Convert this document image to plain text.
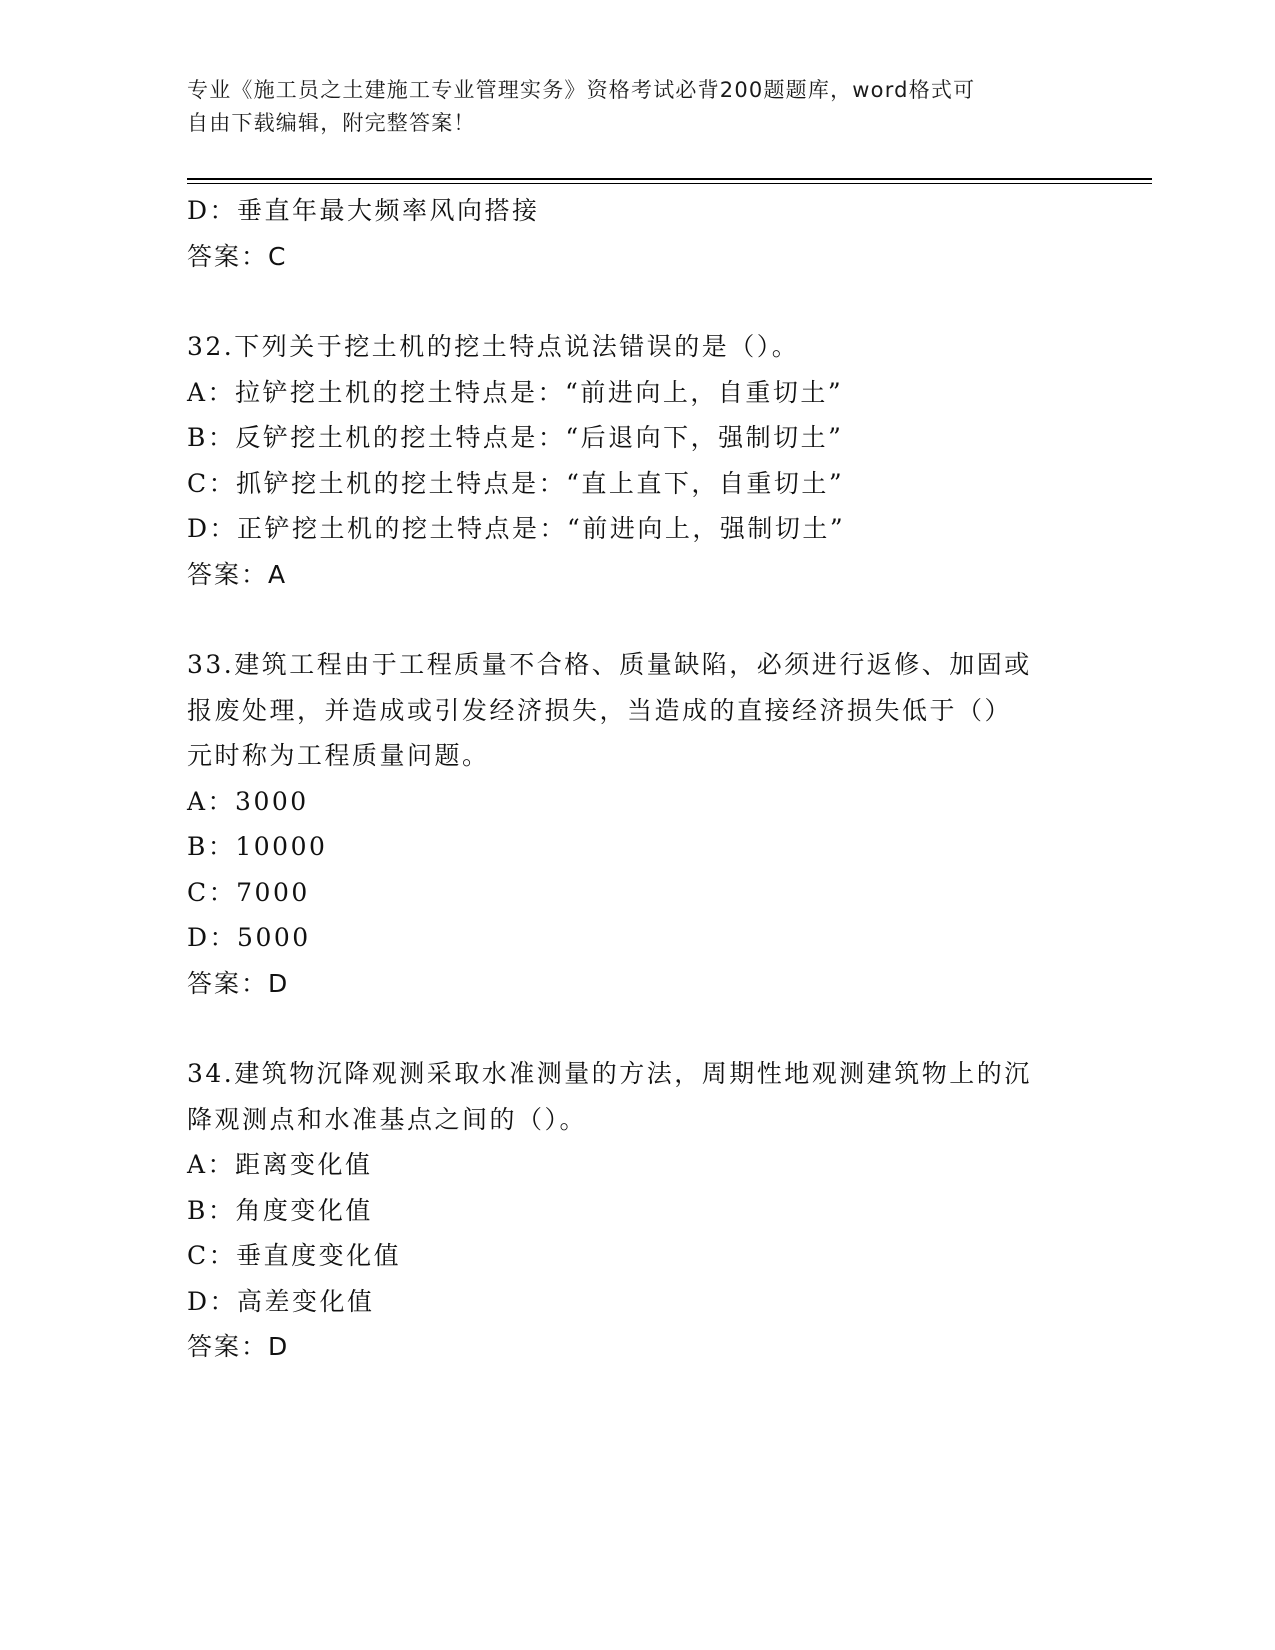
专业《施工员之土建施工专业管理实务》资格考试必背200题题库，word格式可
自由下载编辑，附完整答案！
D：垂直年最大频率风向搭接
答案：C
32.下列关于挖土机的挖土特点说法错误的是（）。
A：拉铲挖土机的挖土特点是：“前进向上，自重切土”
B：反铲挖土机的挖土特点是：“后退向下，强制切土”
C：抓铲挖土机的挖土特点是：“直上直下，自重切土”
D：正铲挖土机的挖土特点是：“前进向上，强制切土”
答案：A
33.建筑工程由于工程质量不合格、质量缺陷，必须进行返修、加固或
报废处理，并造成或引发经济损失，当造成的直接经济损失低于（）
元时称为工程质量问题。
A：3000
B：10000
C：7000
D：5000
答案：D
34.建筑物沉降观测采取水准测量的方法，周期性地观测建筑物上的沉
降观测点和水准基点之间的（）。
A：距离变化值
B：角度变化值
C：垂直度变化值
D：高差变化值
答案：D
